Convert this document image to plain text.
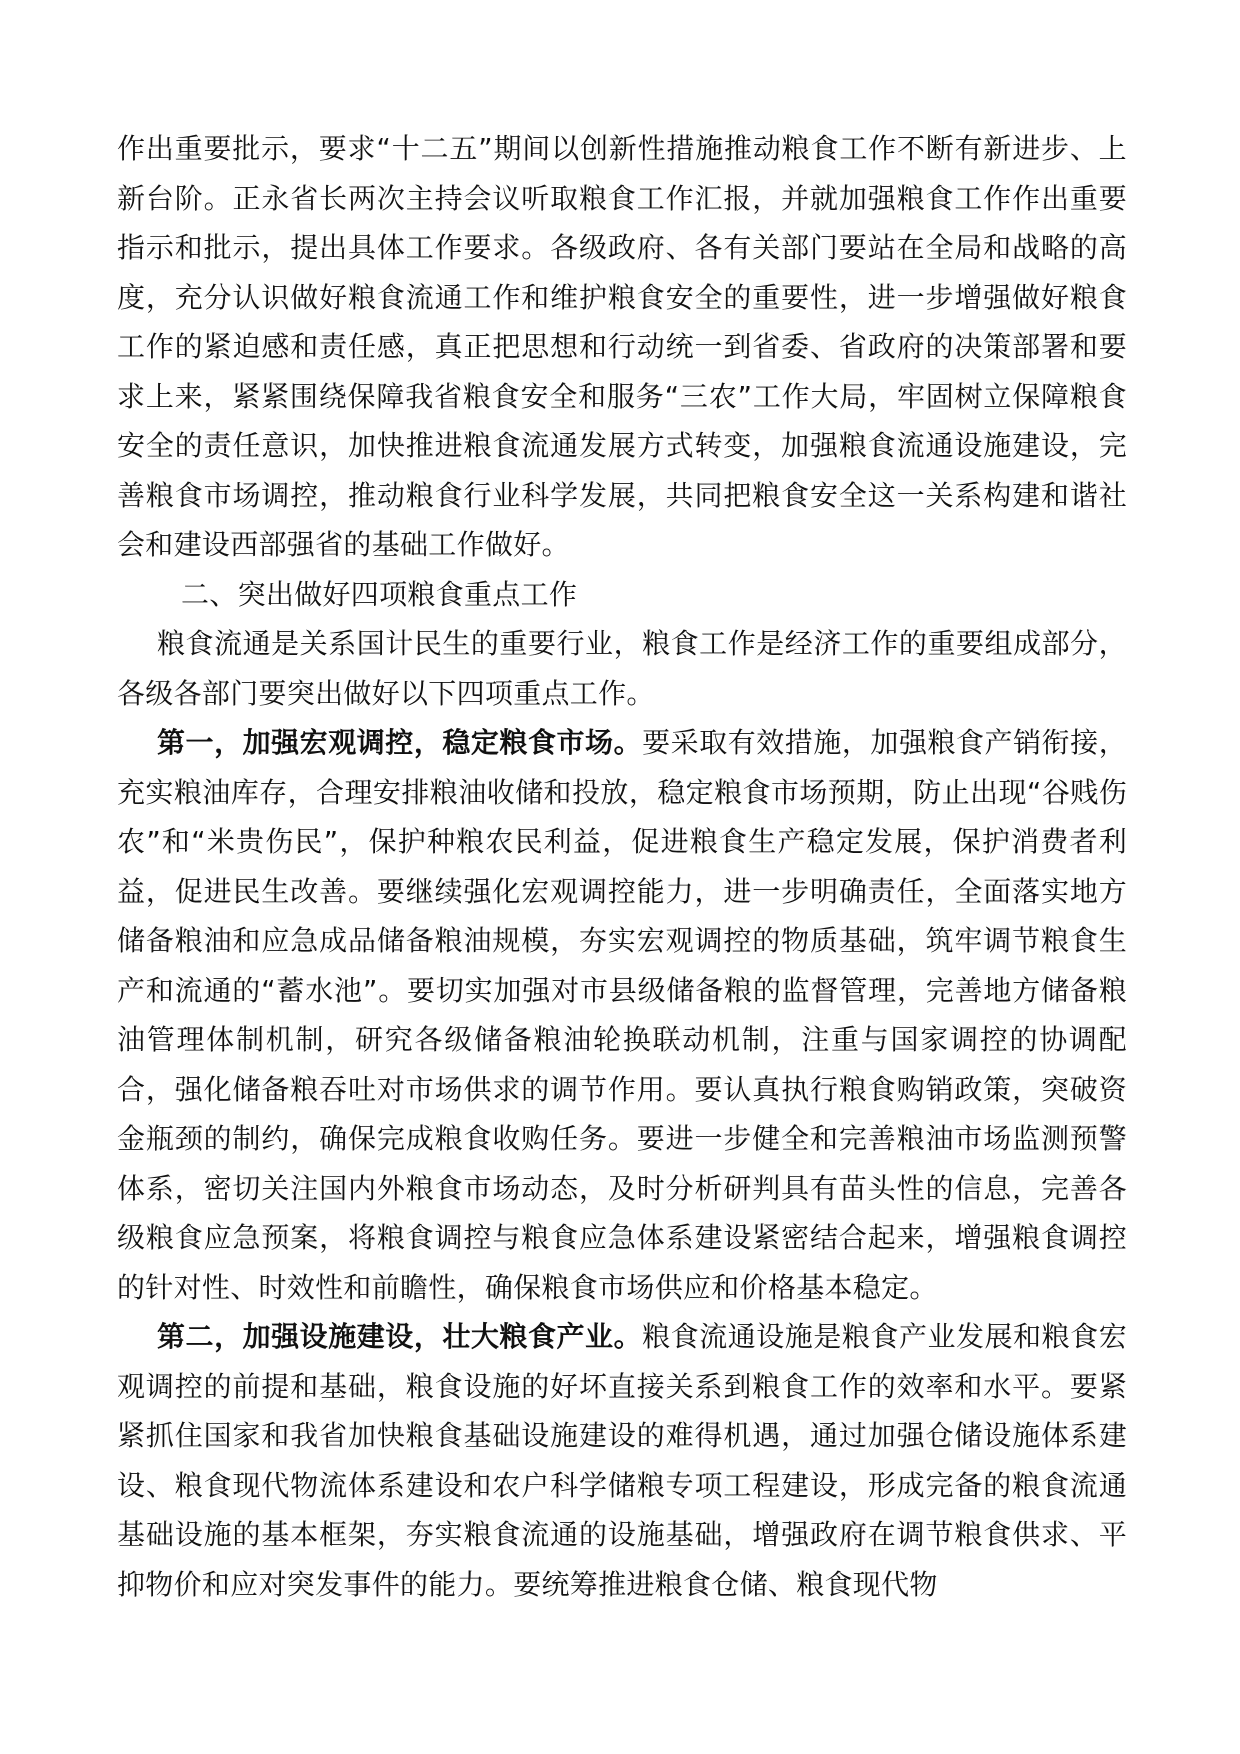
作出重要批示，要求“十二五”期间以创新性措施推动粮食工作不断有新进步、上新台阶。正永省长两次主持会议听取粮食工作汇报，并就加强粮食工作作出重要指示和批示，提出具体工作要求。各级政府、各有关部门要站在全局和战略的高度，充分认识做好粮食流通工作和维护粮食安全的重要性，进一步增强做好粮食工作的紧迫感和责任感，真正把思想和行动统一到省委、省政府的决策部署和要求上来，紧紧围绕保障我省粮食安全和服务“三农”工作大局，牢固树立保障粮食安全的责任意识，加快推进粮食流通发展方式转变，加强粮食流通设施建设，完善粮食市场调控，推动粮食行业科学发展，共同把粮食安全这一关系构建和谐社会和建设西部强省的基础工作做好。

二、突出做好四项粮食重点工作

粮食流通是关系国计民生的重要行业，粮食工作是经济工作的重要组成部分，各级各部门要突出做好以下四项重点工作。

第一，加强宏观调控，稳定粮食市场。要采取有效措施，加强粮食产销衔接，充实粮油库存，合理安排粮油收储和投放，稳定粮食市场预期，防止出现“谷贱伤农”和“米贵伤民”，保护种粮农民利益，促进粮食生产稳定发展，保护消费者利益，促进民生改善。要继续强化宏观调控能力，进一步明确责任，全面落实地方储备粮油和应急成品储备粮油规模，夯实宏观调控的物质基础，筑牢调节粮食生产和流通的“蓄水池”。要切实加强对市县级储备粮的监督管理，完善地方储备粮油管理体制机制，研究各级储备粮油轮换联动机制，注重与国家调控的协调配合，强化储备粮吞吐对市场供求的调节作用。要认真执行粮食购销政策，突破资金瓶颈的制约，确保完成粮食收购任务。要进一步健全和完善粮油市场监测预警体系，密切关注国内外粮食市场动态，及时分析研判具有苗头性的信息，完善各级粮食应急预案，将粮食调控与粮食应急体系建设紧密结合起来，增强粮食调控的针对性、时效性和前瞻性，确保粮食市场供应和价格基本稳定。

第二，加强设施建设，壮大粮食产业。粮食流通设施是粮食产业发展和粮食宏观调控的前提和基础，粮食设施的好坏直接关系到粮食工作的效率和水平。要紧紧抓住国家和我省加快粮食基础设施建设的难得机遇，通过加强仓储设施体系建设、粮食现代物流体系建设和农户科学储粮专项工程建设，形成完备的粮食流通基础设施的基本框架，夯实粮食流通的设施基础，增强政府在调节粮食供求、平抑物价和应对突发事件的能力。要统筹推进粮食仓储、粮食现代物
